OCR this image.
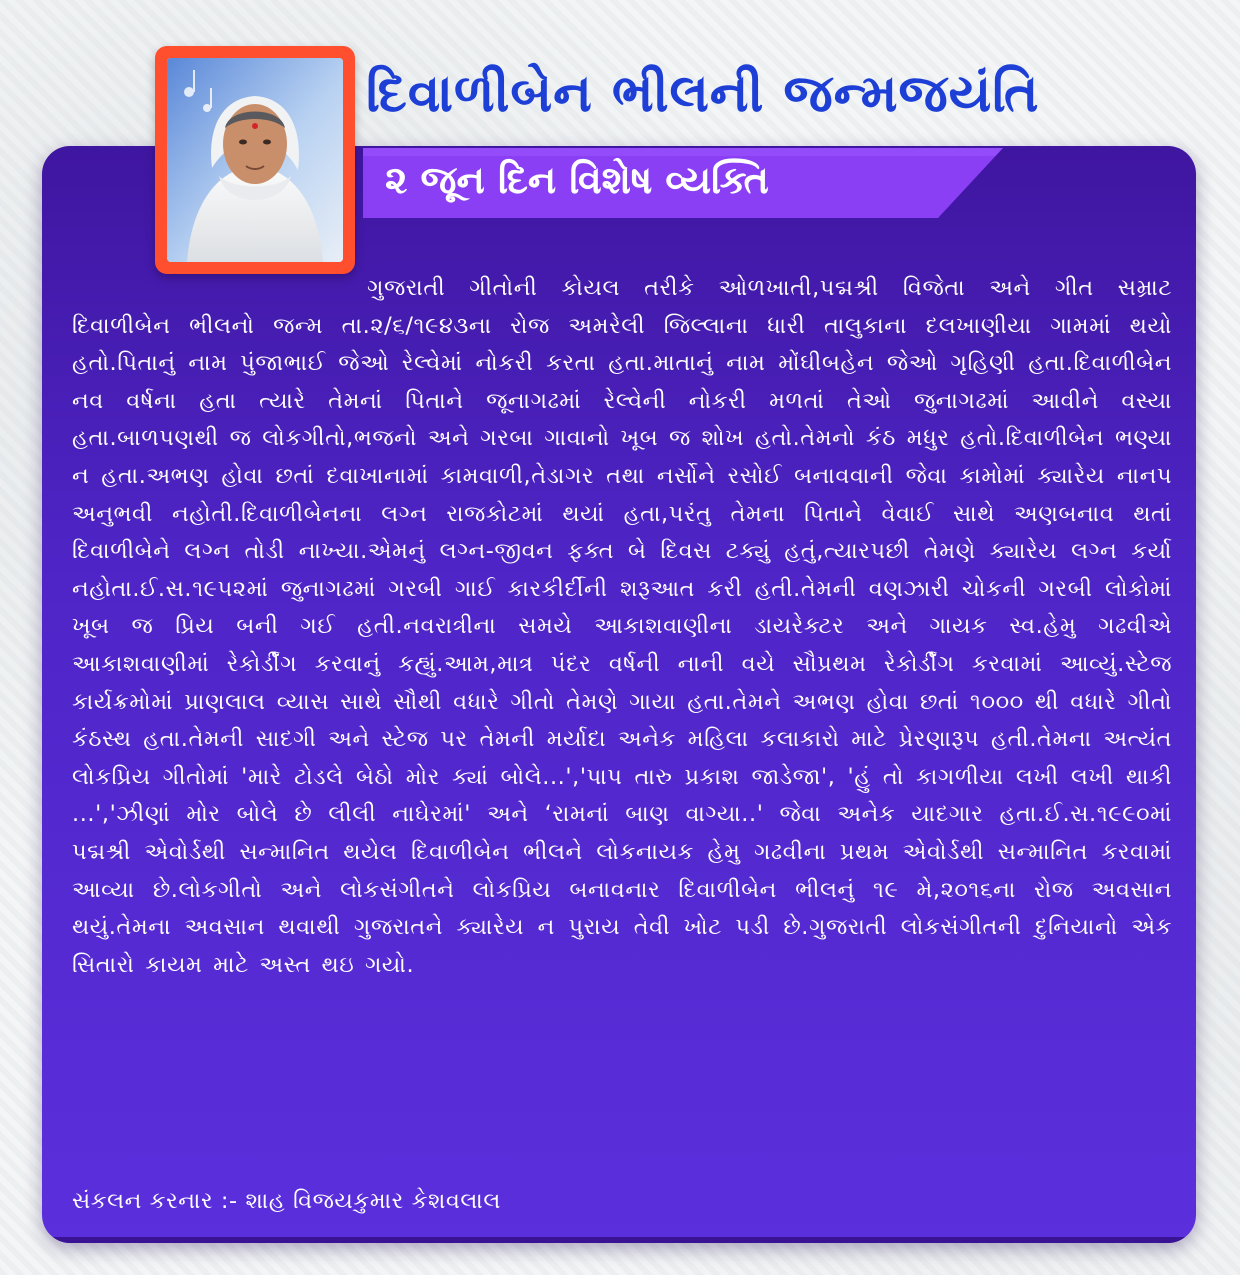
દિવાળીબેન ભીલની જન્મજયંતિ
૨ જૂન દિન વિશેષ વ્યક્તિ

ગુજરાતી ગીતોની કોયલ તરીકે ઓળખાતી,પદ્મશ્રી વિજેતા અને ગીત સમ્રાટ દિવાળીબેન ભીલનો જન્મ તા.૨/૬/૧૯૪૩ના રોજ અમરેલી જિલ્લાના ધારી તાલુકાના દલખાણીયા ગામમાં થયો હતો.પિતાનું નામ પુંજાભાઈ જેઓ રેલ્વેમાં નોકરી કરતા હતા.માતાનું નામ મોંઘીબહેન જેઓ ગૃહિણી હતા.દિવાળીબેન નવ વર્ષના હતા ત્યારે તેમનાં પિતાને જૂનાગઢમાં રેલ્વેની નોકરી મળતાં તેઓ જુનાગઢમાં આવીને વસ્યા હતા.બાળપણથી જ લોકગીતો,ભજનો અને ગરબા ગાવાનો ખૂબ જ શોખ હતો.તેમનો કંઠ મધુર હતો.દિવાળીબેન ભણ્યા ન હતા.અભણ હોવા છતાં દવાખાનામાં કામવાળી,તેડાગર તથા નર્સોને રસોઈ બનાવવાની જેવા કામોમાં ક્યારેય નાનપ અનુભવી નહોતી.દિવાળીબેનના લગ્ન રાજકોટમાં થયાં હતા,પરંતુ તેમના પિતાને વેવાઈ સાથે અણબનાવ થતાં દિવાળીબેને લગ્ન તોડી નાખ્યા.એમનું લગ્ન-જીવન ફક્ત બે દિવસ ટક્યું હતું,ત્યારપછી તેમણે ક્યારેય લગ્ન કર્યા નહોતા.ઈ.સ.૧૯૫૨માં જુનાગઢમાં ગરબી ગાઈ કારકીર્દીની શરૂઆત કરી હતી.તેમની વણઝારી ચોકની ગરબી લોકોમાં ખૂબ જ પ્રિય બની ગઈ હતી.નવરાત્રીના સમયે આકાશવાણીના ડાયરેક્ટર અને ગાયક સ્વ.હેમુ ગઢવીએ આકાશવાણીમાં રેકોર્ડીંગ કરવાનું કહ્યું.આમ,માત્ર પંદર વર્ષની નાની વયે સૌપ્રથમ રેકોર્ડીંગ કરવામાં આવ્યું.સ્ટેજ કાર્યક્રમોમાં પ્રાણલાલ વ્યાસ સાથે સૌથી વધારે ગીતો તેમણે ગાયા હતા.તેમને અભણ હોવા છતાં ૧૦૦૦ થી વધારે ગીતો કંઠસ્થ હતા.તેમની સાદગી અને સ્ટેજ પર તેમની મર્યાદા અનેક મહિલા કલાકારો માટે પ્રેરણારૂપ હતી.તેમના અત્યંત લોકપ્રિય ગીતોમાં 'મારે ટોડલે બેઠો મોર ક્યાં બોલે...','પાપ તારુ પ્રકાશ જાડેજા', 'હું તો કાગળીયા લખી લખી થાકી ...','ઝીણાં મોર બોલે છે લીલી નાઘેરમાં' અને ‘રામનાં બાણ વાગ્યા..' જેવા અનેક યાદગાર હતા.ઈ.સ.૧૯૯૦માં પદ્મશ્રી એવોર્ડથી સન્માનિત થયેલ દિવાળીબેન ભીલને લોકનાયક હેમુ ગઢવીના પ્રથમ એવોર્ડથી સન્માનિત કરવામાં આવ્યા છે.લોકગીતો અને લોકસંગીતને લોકપ્રિય બનાવનાર દિવાળીબેન ભીલનું ૧૯ મે,૨૦૧૬ના રોજ અવસાન થયું.તેમના અવસાન થવાથી ગુજરાતને ક્યારેય ન પુરાય તેવી ખોટ પડી છે.ગુજરાતી લોકસંગીતની દુનિયાનો એક સિતારો કાયમ માટે અસ્ત થઇ ગયો.

સંકલન કરનાર :- શાહ વિજયકુમાર કેશવલાલ
